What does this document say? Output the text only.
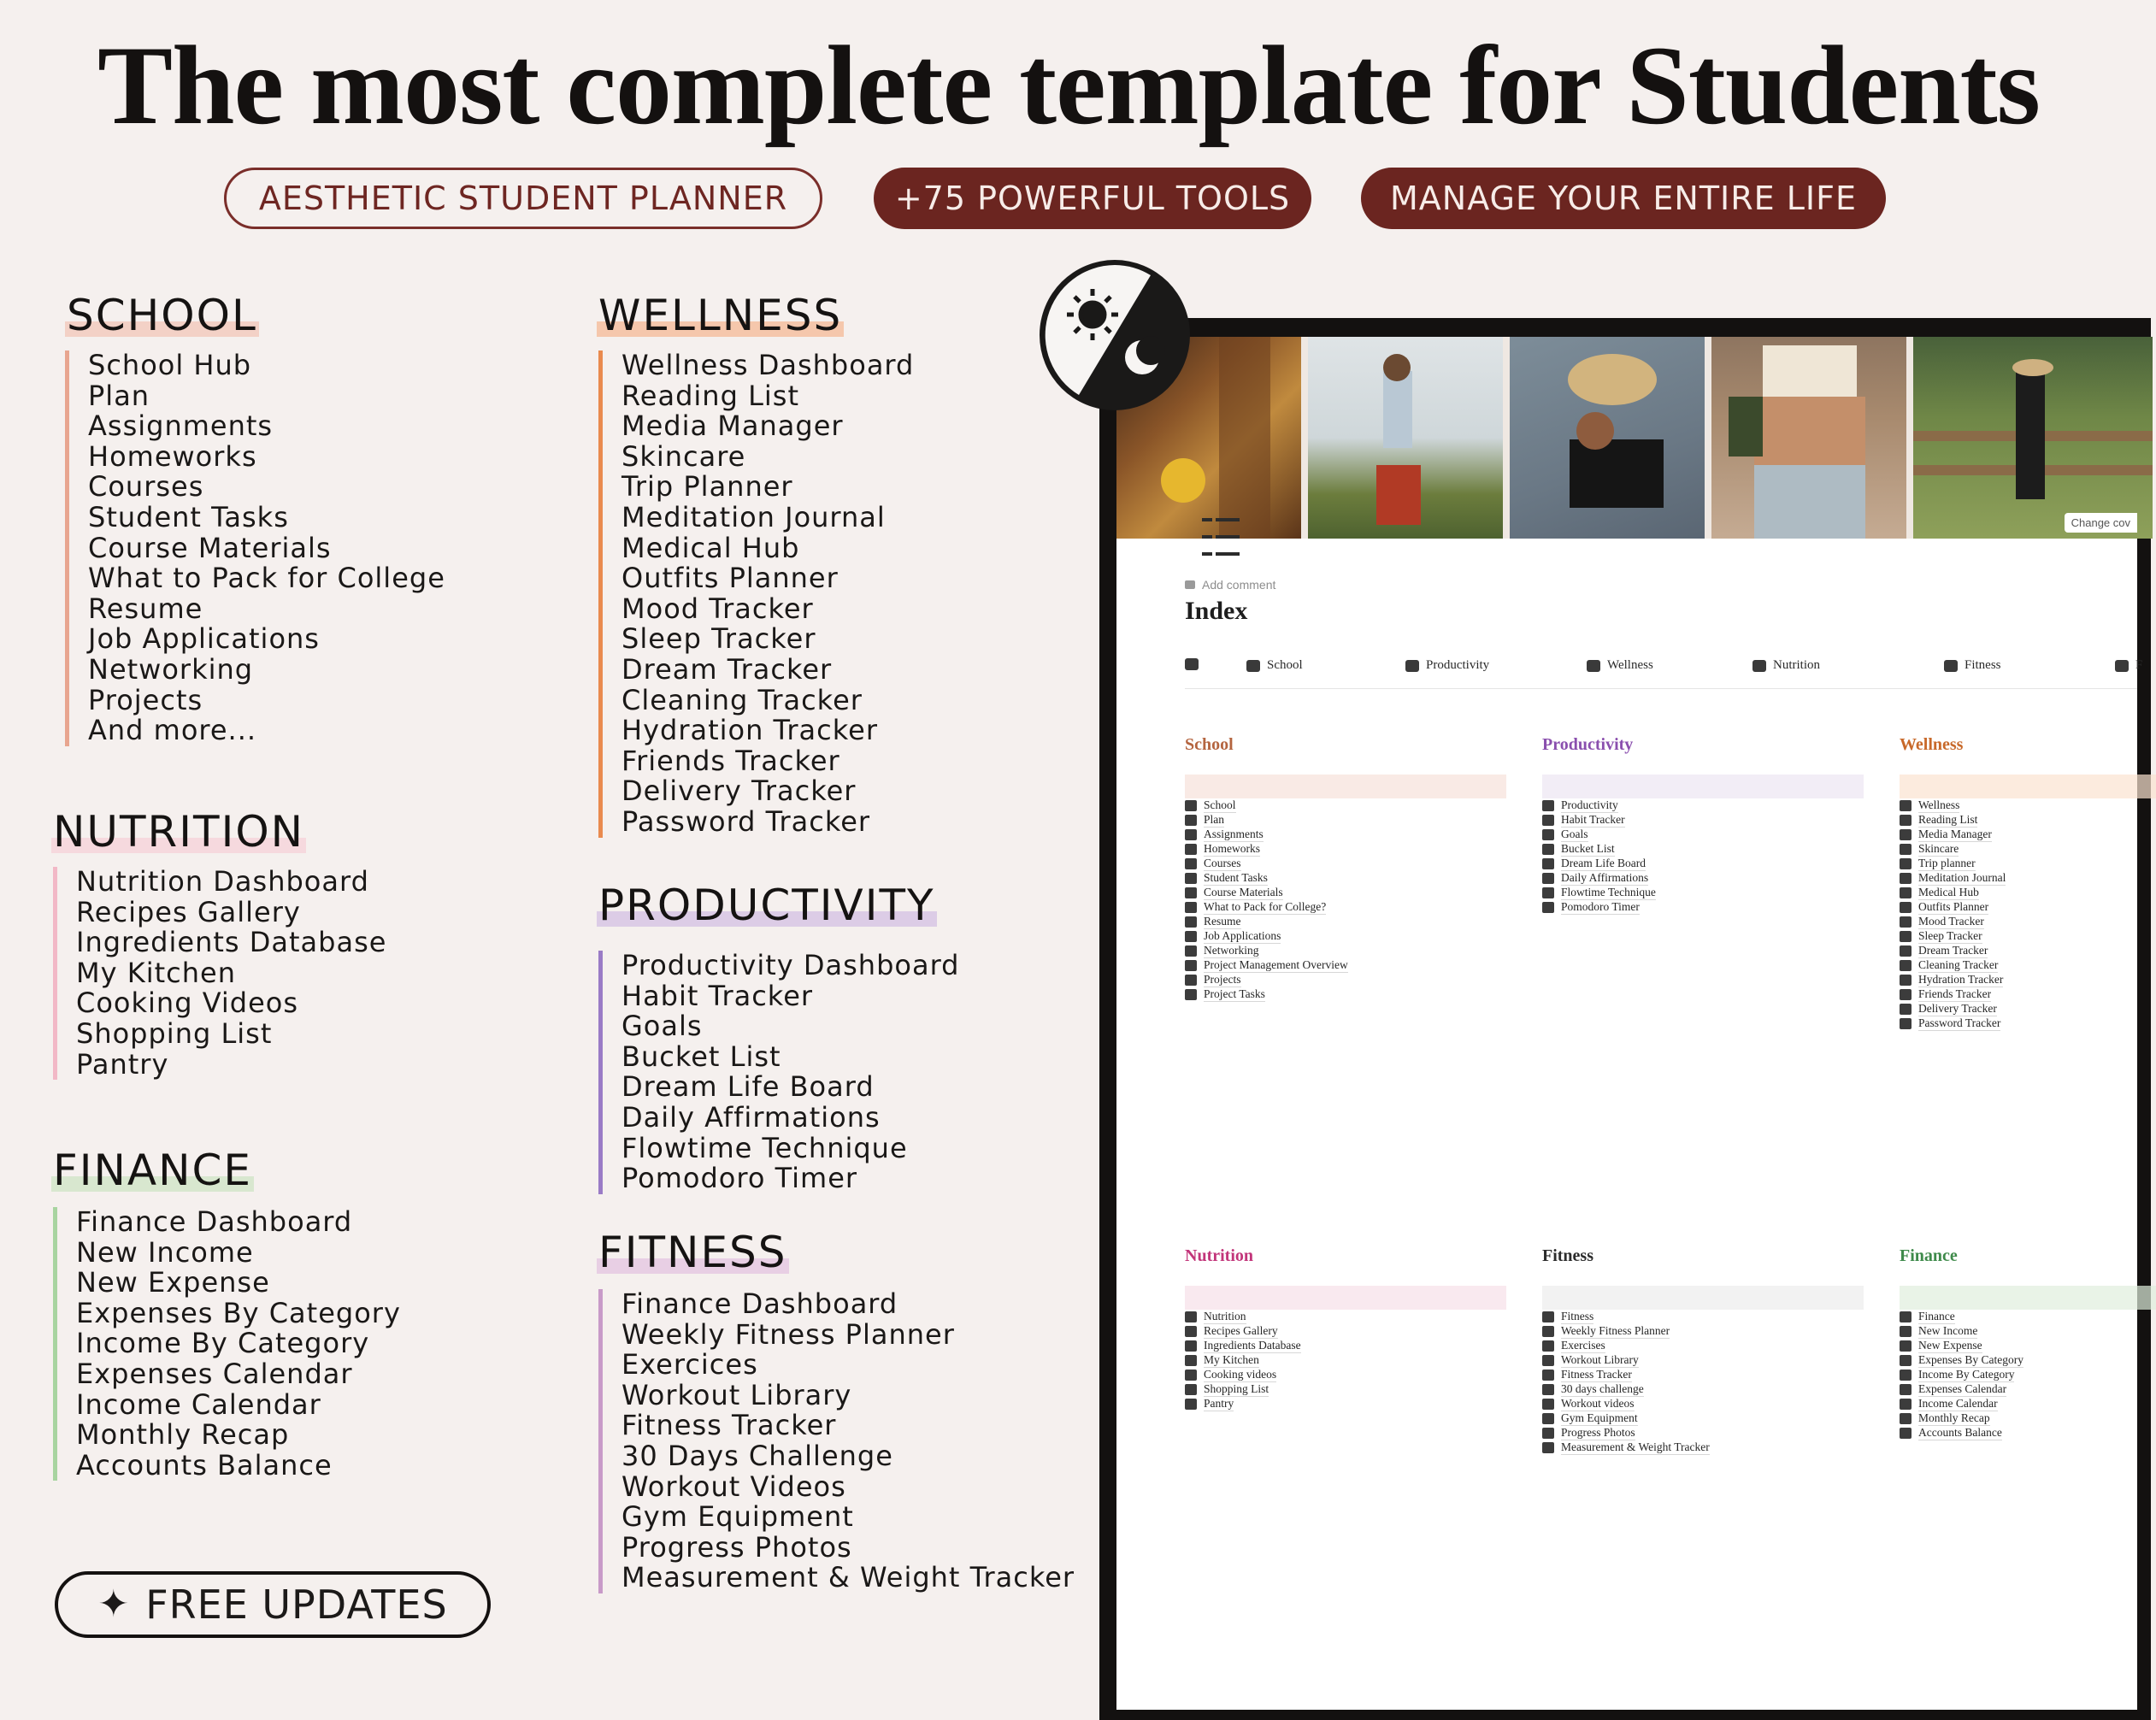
The most complete template for Students
AESTHETIC STUDENT PLANNER	+75 POWERFUL TOOLS	MANAGE YOUR ENTIRE LIFE
SCHOOL
School Hub
Plan
Assignments
Homeworks
Courses
Student Tasks
Course Materials
What to Pack for College
Resume
Job Applications
Networking
Projects
And more...
NUTRITION
Nutrition Dashboard
Recipes Gallery
Ingredients Database
My Kitchen
Cooking Videos
Shopping List
Pantry
FINANCE
Finance Dashboard
New Income
New Expense
Expenses By Category
Income By Category
Expenses Calendar
Income Calendar
Monthly Recap
Accounts Balance
WELLNESS
Wellness Dashboard
Reading List
Media Manager
Skincare
Trip Planner
Meditation Journal
Medical Hub
Outfits Planner
Mood Tracker
Sleep Tracker
Dream Tracker
Cleaning Tracker
Hydration Tracker
Friends Tracker
Delivery Tracker
Password Tracker
PRODUCTIVITY
Productivity Dashboard
Habit Tracker
Goals
Bucket List
Dream Life Board
Daily Affirmations
Flowtime Technique
Pomodoro Timer
FITNESS
Finance Dashboard
Weekly Fitness Planner
Exercices
Workout Library
Fitness Tracker
30 Days Challenge
Workout Videos
Gym Equipment
Progress Photos
Measurement & Weight Tracker
✦ FREE UPDATES
Change cov
Add comment
Index
School	Productivity	Wellness	Nutrition	Fitness	F
School
School
Plan
Assignments
Homeworks
Courses
Student Tasks
Course Materials
What to Pack for College?
Resume
Job Applications
Networking
Project Management Overview
Projects
Project Tasks
Productivity
Productivity
Habit Tracker
Goals
Bucket List
Dream Life Board
Daily Affirmations
Flowtime Technique
Pomodoro Timer
Wellness
Wellness
Reading List
Media Manager
Skincare
Trip planner
Meditation Journal
Medical Hub
Outfits Planner
Mood Tracker
Sleep Tracker
Dream Tracker
Cleaning Tracker
Hydration Tracker
Friends Tracker
Delivery Tracker
Password Tracker
Nutrition
Nutrition
Recipes Gallery
Ingredients Database
My Kitchen
Cooking videos
Shopping List
Pantry
Fitness
Fitness
Weekly Fitness Planner
Exercises
Workout Library
Fitness Tracker
30 days challenge
Workout videos
Gym Equipment
Progress Photos
Measurement & Weight Tracker
Finance
Finance
New Income
New Expense
Expenses By Category
Income By Category
Expenses Calendar
Income Calendar
Monthly Recap
Accounts Balance
